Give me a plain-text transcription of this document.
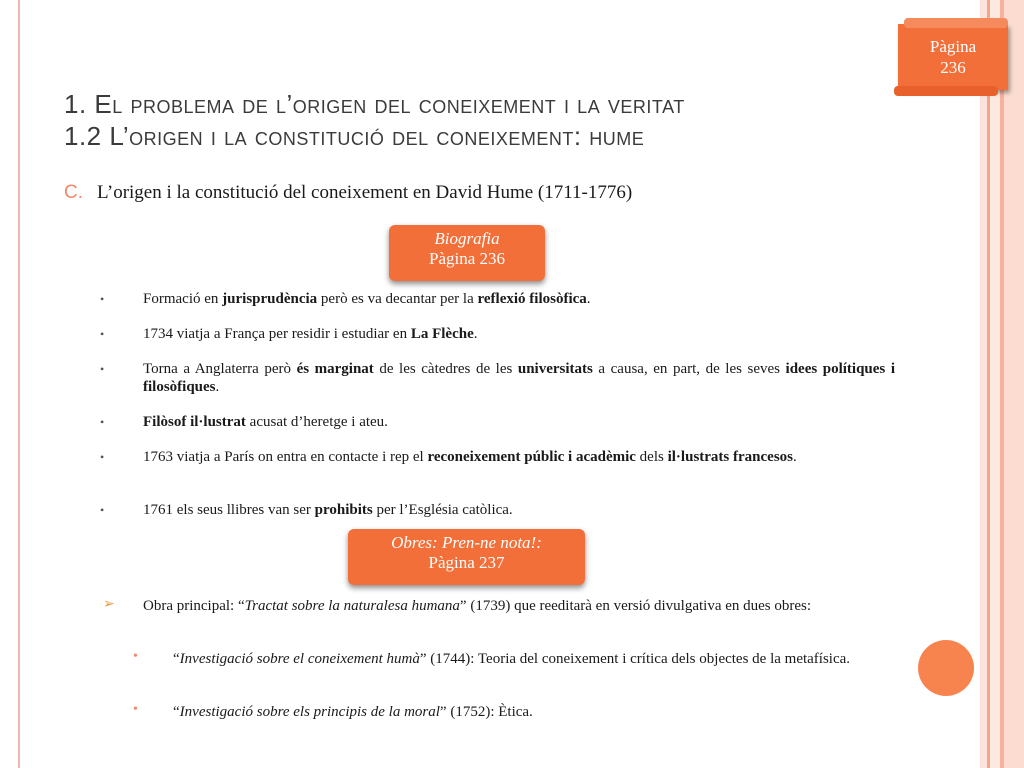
Pàgina
236
1. El problema de l’origen del coneixement i la veritat
1.2 L’origen i la constitució del coneixement: hume
C. L’origen i la constitució del coneixement en David Hume (1711-1776)
Biografia
Pàgina 236
•	Formació en jurisprudència però es va decantar per la reflexió filosòfica.
•	1734 viatja a França per residir i estudiar en La Flèche.
•	Torna a Anglaterra però és marginat de les càtedres de les universitats a causa, en part, de les seves idees polítiques i filosòfiques.
•	Filòsof il·lustrat acusat d’heretge i ateu.
•	1763 viatja a París on entra en contacte i rep el reconeixement públic i acadèmic dels il·lustrats francesos.
•	1761 els seus llibres van ser prohibits per l’Església catòlica.
Obres: Pren-ne nota!:
Pàgina 237
➢ Obra principal: “Tractat sobre la naturalesa humana” (1739) que reeditarà en versió divulgativa en dues obres:
• “Investigació sobre el coneixement humà” (1744): Teoria del coneixement i crítica dels objectes de la metafísica.
• “Investigació sobre els principis de la moral” (1752): Ètica.
